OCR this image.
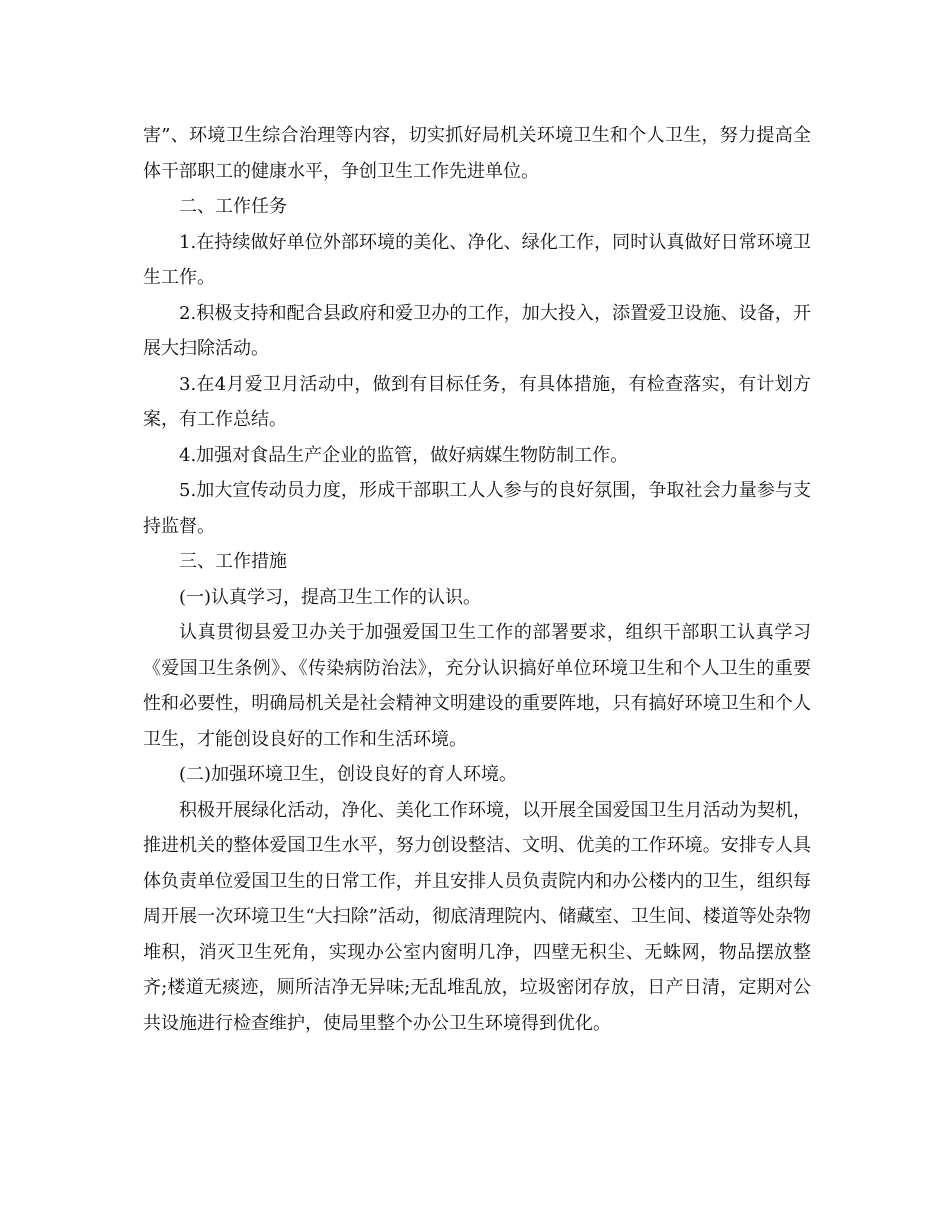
害”、环境卫生综合治理等内容，切实抓好局机关环境卫生和个人卫生，努力提高全体干部职工的健康水平，争创卫生工作先进单位。

二、工作任务

1.在持续做好单位外部环境的美化、净化、绿化工作，同时认真做好日常环境卫生工作。

2.积极支持和配合县政府和爱卫办的工作，加大投入，添置爱卫设施、设备，开展大扫除活动。

3.在4月爱卫月活动中，做到有目标任务，有具体措施，有检查落实，有计划方案，有工作总结。

4.加强对食品生产企业的监管，做好病媒生物防制工作。

5.加大宣传动员力度，形成干部职工人人参与的良好氛围，争取社会力量参与支持监督。

三、工作措施

(一)认真学习，提高卫生工作的认识。

认真贯彻县爱卫办关于加强爱国卫生工作的部署要求，组织干部职工认真学习《爱国卫生条例》、《传染病防治法》，充分认识搞好单位环境卫生和个人卫生的重要性和必要性，明确局机关是社会精神文明建设的重要阵地，只有搞好环境卫生和个人卫生，才能创设良好的工作和生活环境。

(二)加强环境卫生，创设良好的育人环境。

积极开展绿化活动，净化、美化工作环境，以开展全国爱国卫生月活动为契机，推进机关的整体爱国卫生水平，努力创设整洁、文明、优美的工作环境。安排专人具体负责单位爱国卫生的日常工作，并且安排人员负责院内和办公楼内的卫生，组织每周开展一次环境卫生“大扫除”活动，彻底清理院内、储藏室、卫生间、楼道等处杂物堆积，消灭卫生死角，实现办公室内窗明几净，四壁无积尘、无蛛网，物品摆放整齐;楼道无痰迹，厕所洁净无异味;无乱堆乱放，垃圾密闭存放，日产日清，定期对公共设施进行检查维护，使局里整个办公卫生环境得到优化。
